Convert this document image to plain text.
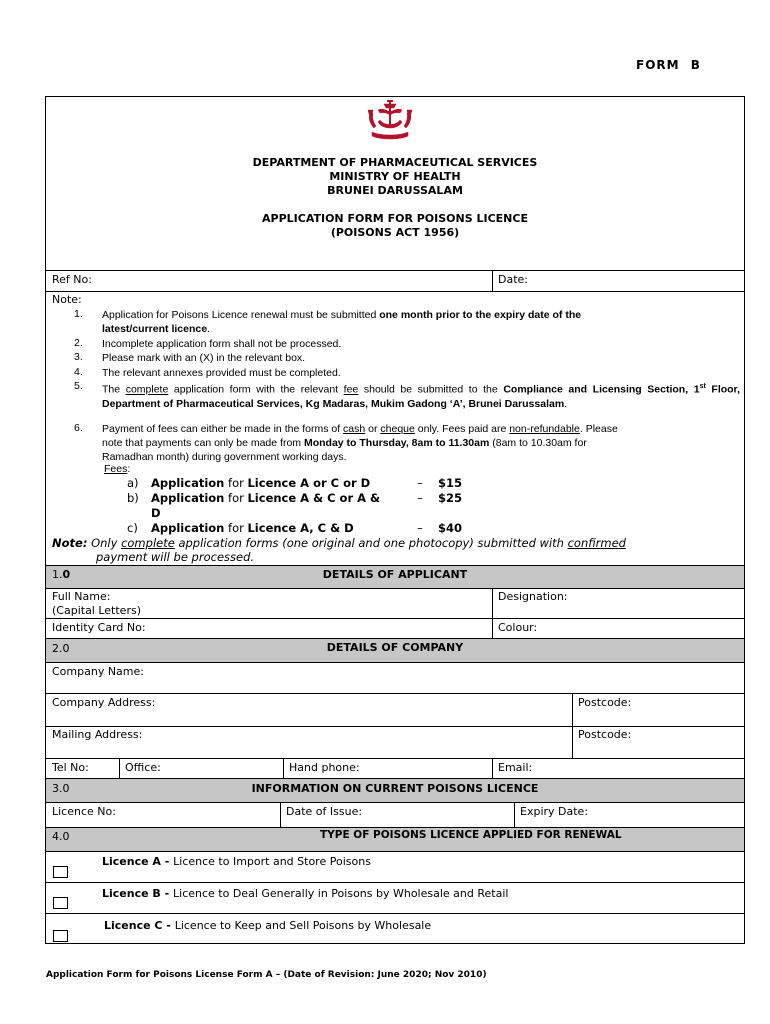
FORM B
DEPARTMENT OF PHARMACEUTICAL SERVICES
MINISTRY OF HEALTH
BRUNEI DARUSSALAM
APPLICATION FORM FOR POISONS LICENCE
(POISONS ACT 1956)
Ref No:	Date:
Note:
1. Application for Poisons Licence renewal must be submitted one month prior to the expiry date of the
latest/current licence.
2. Incomplete application form shall not be processed.
3. Please mark with an (X) in the relevant box.
4. The relevant annexes provided must be completed.
5. The complete application form with the relevant fee should be submitted to the Compliance and Licensing Section, 1st Floor, Department of Pharmaceutical Services, Kg Madaras, Mukim Gadong ‘A’, Brunei Darussalam.
6. Payment of fees can either be made in the forms of cash or cheque only. Fees paid are non-refundable. Please
note that payments can only be made from Monday to Thursday, 8am to 11.30am (8am to 10.30am for
Ramadhan month) during government working days.
Fees:
a) Application for Licence A or C or D	– $15
b) Application for Licence A & C or A &
D
– $25
c) Application for Licence A, C & D	– $40
Note: Only complete application forms (one original and one photocopy) submitted with confirmed
payment will be processed.
1.0	DETAILS OF APPLICANT
Full Name:
(Capital Letters)
Designation:
Identity Card No:	Colour:
2.0	DETAILS OF COMPANY
Company Name:
Company Address:	Postcode:
Mailing Address:	Postcode:
Tel No:	Office:	Hand phone:	Email:
3.0	INFORMATION ON CURRENT POISONS LICENCE
Licence No:	Date of Issue:	Expiry Date:
4.0	TYPE OF POISONS LICENCE APPLIED FOR RENEWAL
Licence A - Licence to Import and Store Poisons
Licence B - Licence to Deal Generally in Poisons by Wholesale and Retail
Licence C - Licence to Keep and Sell Poisons by Wholesale
Application Form for Poisons License Form A – (Date of Revision: June 2020; Nov 2010)
